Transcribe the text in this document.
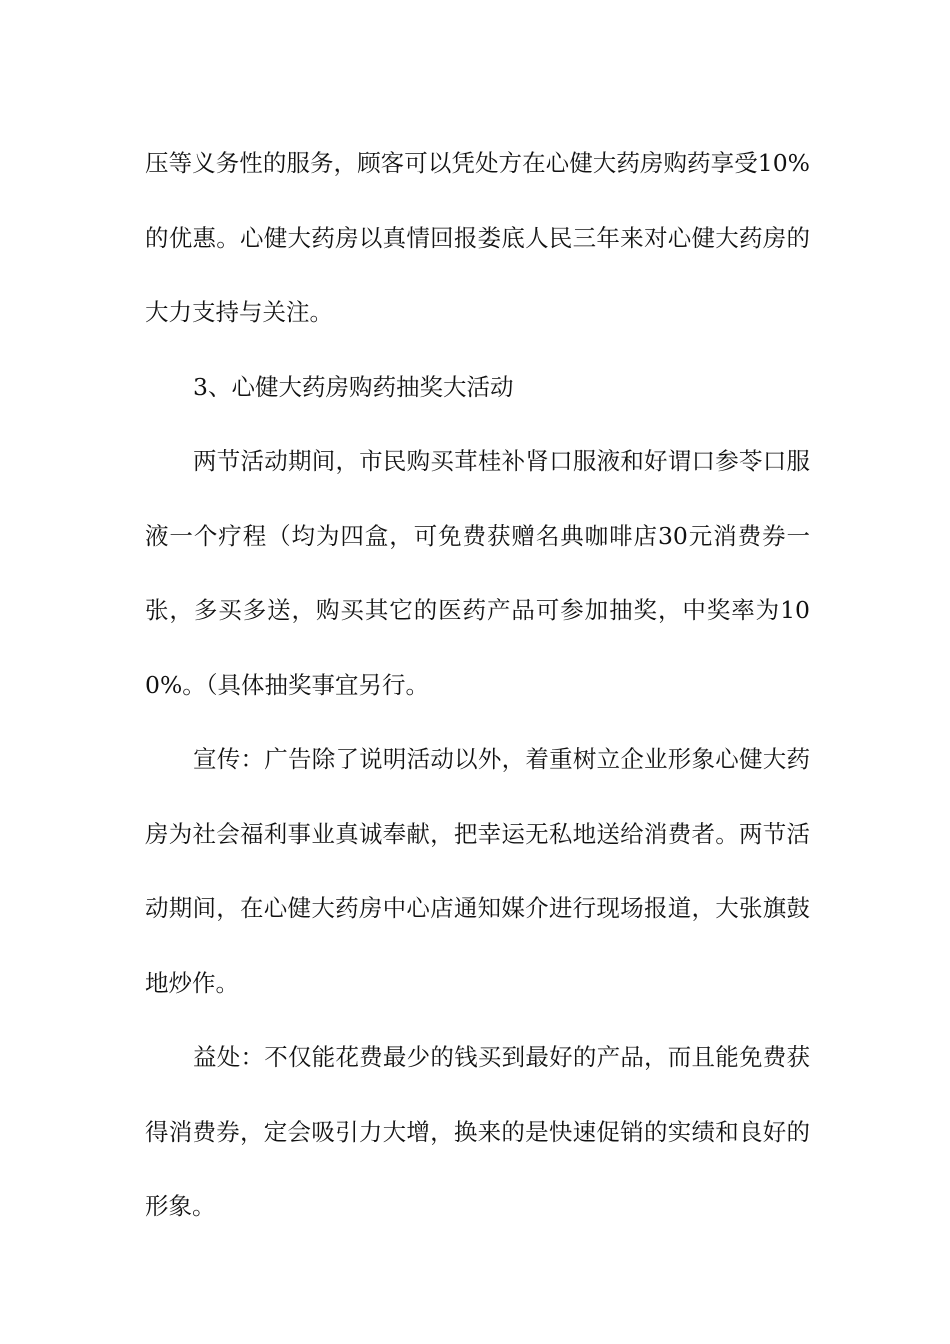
压等义务性的服务，顾客可以凭处方在心健大药房购药享受10%的优惠。心健大药房以真情回报娄底人民三年来对心健大药房的大力支持与关注。

3、心健大药房购药抽奖大活动

两节活动期间，市民购买茸桂补肾口服液和好谓口参苓口服液一个疗程（均为四盒，可免费获赠名典咖啡店30元消费券一张，多买多送，购买其它的医药产品可参加抽奖，中奖率为100%。（具体抽奖事宜另行。

宣传：广告除了说明活动以外，着重树立企业形象心健大药房为社会福利事业真诚奉献，把幸运无私地送给消费者。两节活动期间，在心健大药房中心店通知媒介进行现场报道，大张旗鼓地炒作。

益处：不仅能花费最少的钱买到最好的产品，而且能免费获得消费券，定会吸引力大增，换来的是快速促销的实绩和良好的形象。
